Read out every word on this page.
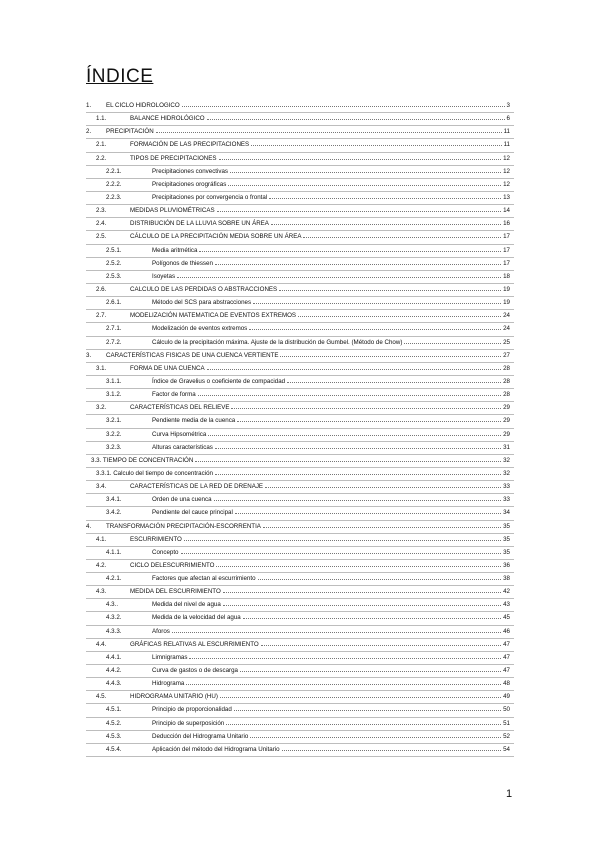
ÍNDICE
1. EL CICLO HIDROLOGICO	3
1.1.	BALANCE HIDROLÓGICO	6
2. PRECIPITACIÓN	11
2.1.	FORMACIÓN DE LAS PRECIPITACIONES	11
2.2.	TIPOS DE PRECIPITACIONES	12
2.2.1.	Precipitaciones convectivas	12
2.2.2.	Precipitaciones orográficas	12
2.2.3.	Precipitaciones por convergencia o frontal	13
2.3.	MEDIDAS PLUVIOMÉTRICAS	14
2.4.	DISTRIBUCIÓN DE LA LLUVIA SOBRE UN ÁREA	16
2.5.	CÁLCULO DE LA PRECIPITACIÓN MEDIA SOBRE UN ÁREA	17
2.5.1.	Media aritmética	17
2.5.2.	Polígonos de thiessen	17
2.5.3.	Isoyetas	18
2.6.	CALCULO DE LAS PERDIDAS O ABSTRACCIONES	19
2.6.1.	Método del SCS para abstracciones	19
2.7.	MODELIZACIÓN MATEMATICA DE EVENTOS EXTREMOS	24
2.7.1.	Modelización de eventos extremos	24
2.7.2.	Cálculo de la precipitación máxima. Ajuste de la distribución de Gumbel. (Método de Chow)	25
3. CARACTERÍSTICAS FISICAS DE UNA CUENCA VERTIENTE	27
3.1.	FORMA DE UNA CUENCA	28
3.1.1.	Índice de Gravelius o coeficiente de compacidad	28
3.1.2.	Factor de forma	28
3.2.	CARACTERÍSTICAS DEL RELIEVE	29
3.2.1.	Pendiente media de la cuenca	29
3.2.2.	Curva Hipsométrica	29
3.2.3.	Alturas características	31
3.3. TIEMPO DE CONCENTRACIÓN	32
3.3.1. Calculo del tiempo de concentración	32
3.4.	CARACTERÍSTICAS DE LA RED DE DRENAJE	33
3.4.1.	Orden de una cuenca	33
3.4.2.	Pendiente del cauce principal	34
4. TRANSFORMACIÓN PRECIPITACIÓN-ESCORRENTIA	35
4.1.	ESCURRIMIENTO	35
4.1.1.	Concepto	35
4.2.	CICLO DELESCURRIMIENTO	36
4.2.1.	Factores que afectan al escurrimiento	38
4.3.	MEDIDA DEL ESCURRIMIENTO	42
4.3..	Medida del nivel de agua	43
4.3.2.	Medida de la velocidad del agua	45
4.3.3.	Aforos	46
4.4.	GRÁFICAS RELATIVAS AL ESCURRIMIENTO	47
4.4.1.	Limnigramas	47
4.4.2.	Curva de gastos o de descarga	47
4.4.3.	Hidrograma	48
4.5.	HIDROGRAMA UNITARIO (HU)	49
4.5.1.	Principio de proporcionalidad	50
4.5.2.	Principio de superposición	51
4.5.3.	Deducción del Hidrograma Unitario	52
4.5.4.	Aplicación del método del Hidrograma Unitario	54
1
